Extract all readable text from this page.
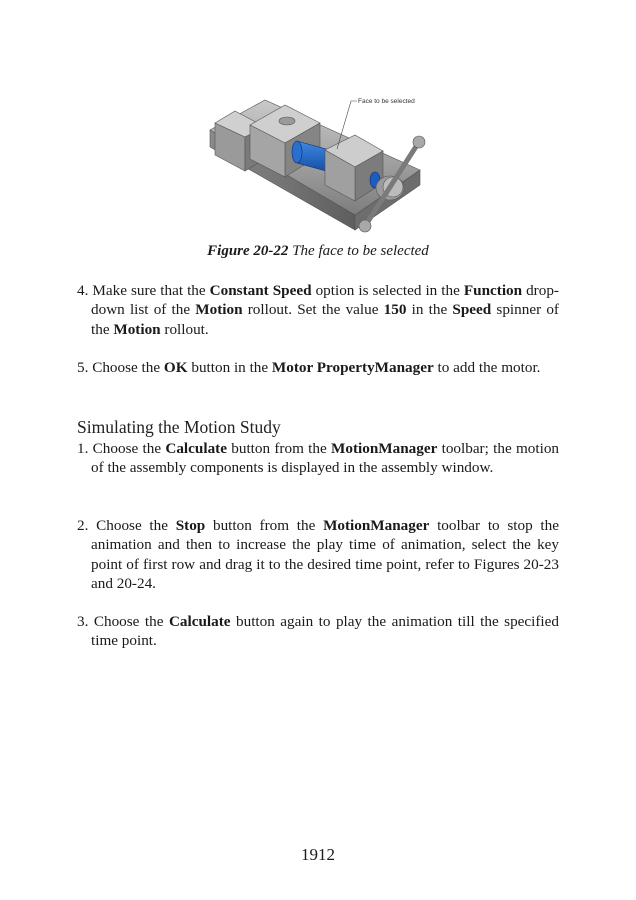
Face to be selected
Figure 20-22 The face to be selected
4. Make sure that the Constant Speed option is selected in the Function drop-down list of the Motion rollout. Set the value 150 in the Speed spinner of the Motion rollout.
5. Choose the OK button in the Motor PropertyManager to add the motor.
Simulating the Motion Study
1. Choose the Calculate button from the MotionManager toolbar; the motion of the assembly components is displayed in the assembly window.
2. Choose the Stop button from the MotionManager toolbar to stop the animation and then to increase the play time of animation, select the key point of first row and drag it to the desired time point, refer to Figures 20-23 and 20-24.
3. Choose the Calculate button again to play the animation till the specified time point.
1912
